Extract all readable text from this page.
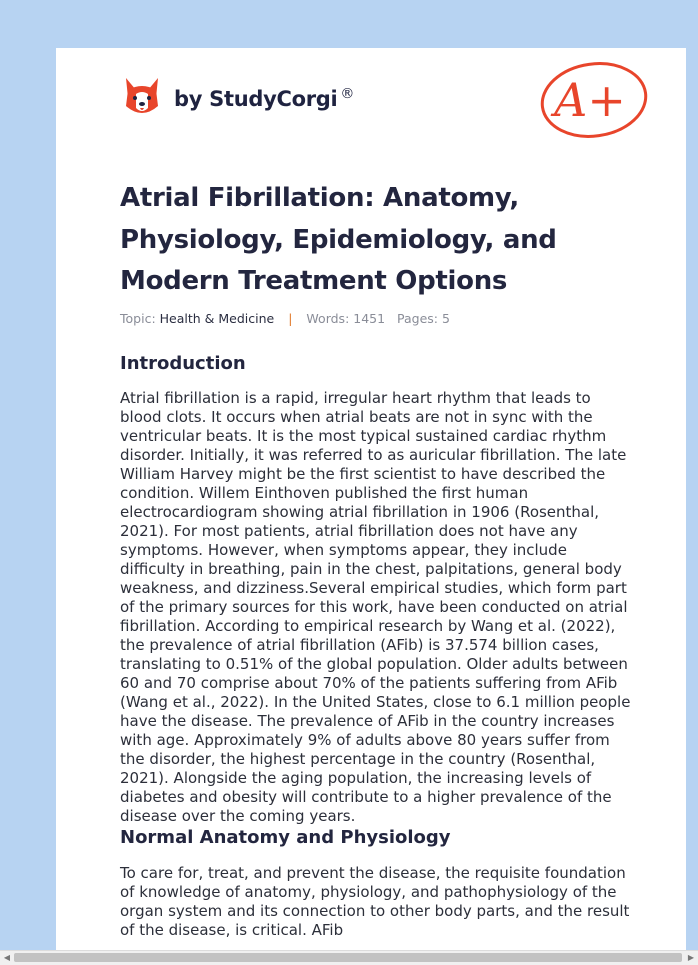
by StudyCorgi ®	A+
Atrial Fibrillation: Anatomy, Physiology, Epidemiology, and Modern Treatment Options
Topic: Health & Medicine | Words: 1451 Pages: 5
Introduction

Atrial fibrillation is a rapid, irregular heart rhythm that leads to blood clots. It occurs when atrial beats are not in sync with the ventricular beats. It is the most typical sustained cardiac rhythm disorder. Initially, it was referred to as auricular fibrillation. The late William Harvey might be the first scientist to have described the condition. Willem Einthoven published the first human electrocardiogram showing atrial fibrillation in 1906 (Rosenthal, 2021). For most patients, atrial fibrillation does not have any symptoms. However, when symptoms appear, they include difficulty in breathing, pain in the chest, palpitations, general body weakness, and dizziness.Several empirical studies, which form part of the primary sources for this work, have been conducted on atrial fibrillation. According to empirical research by Wang et al. (2022), the prevalence of atrial fibrillation (AFib) is 37.574 billion cases, translating to 0.51% of the global population. Older adults between 60 and 70 comprise about 70% of the patients suffering from AFib (Wang et al., 2022). In the United States, close to 6.1 million people have the disease. The prevalence of AFib in the country increases with age. Approximately 9% of adults above 80 years suffer from the disorder, the highest percentage in the country (Rosenthal, 2021). Alongside the aging population, the increasing levels of diabetes and obesity will contribute to a higher prevalence of the disease over the coming years.

Normal Anatomy and Physiology

To care for, treat, and prevent the disease, the requisite foundation of knowledge of anatomy, physiology, and pathophysiology of the organ system and its connection to other body parts, and the result of the disease, is critical. AFib

◀	▶
